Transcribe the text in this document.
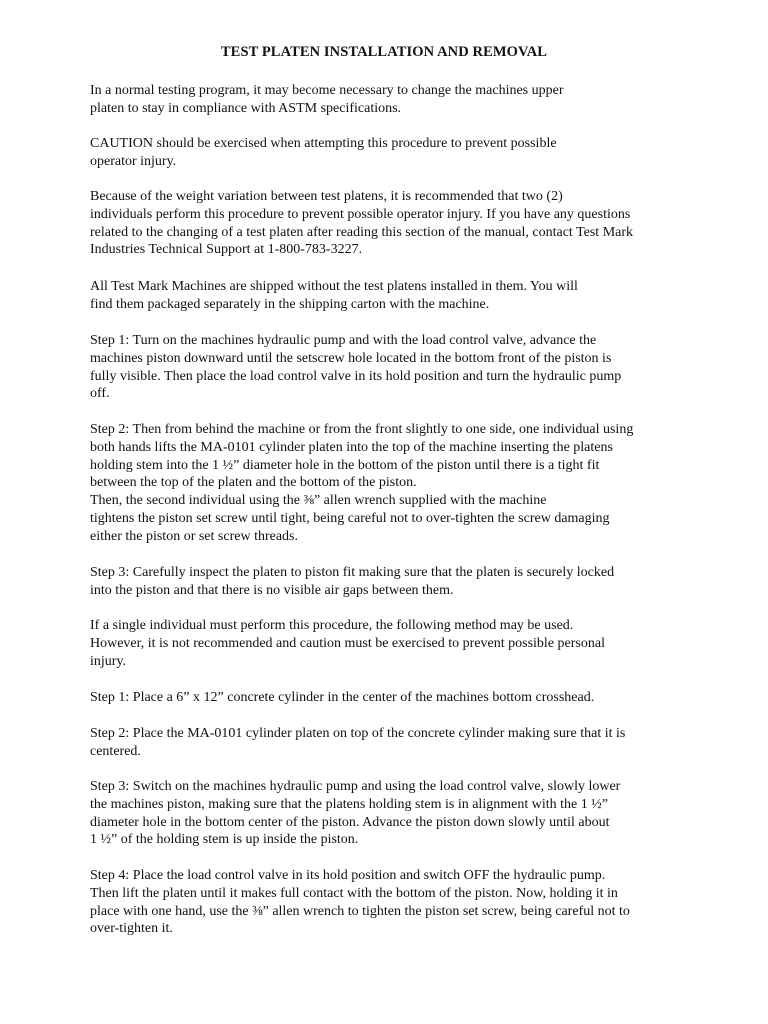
TEST PLATEN INSTALLATION AND REMOVAL

In a normal testing program, it may become necessary to change the machines upper
platen to stay in compliance with ASTM specifications.

CAUTION should be exercised when attempting this procedure to prevent possible
operator injury.

Because of the weight variation between test platens, it is recommended that two (2)
individuals perform this procedure to prevent possible operator injury. If you have any questions
related to the changing of a test platen after reading this section of the manual, contact Test Mark
Industries Technical Support at 1-800-783-3227.

All Test Mark Machines are shipped without the test platens installed in them. You will
find them packaged separately in the shipping carton with the machine.

Step 1: Turn on the machines hydraulic pump and with the load control valve, advance the
machines piston downward until the setscrew hole located in the bottom front of the piston is
fully visible. Then place the load control valve in its hold position and turn the hydraulic pump
off.

Step 2: Then from behind the machine or from the front slightly to one side, one individual using
both hands lifts the MA-0101 cylinder platen into the top of the machine inserting the platens
holding stem into the 1 ½” diameter hole in the bottom of the piston until there is a tight fit
between the top of the platen and the bottom of the piston.
Then, the second individual using the ⅜” allen wrench supplied with the machine
tightens the piston set screw until tight, being careful not to over-tighten the screw damaging
either the piston or set screw threads.

Step 3: Carefully inspect the platen to piston fit making sure that the platen is securely locked
into the piston and that there is no visible air gaps between them.

If a single individual must perform this procedure, the following method may be used.
However, it is not recommended and caution must be exercised to prevent possible personal
injury.

Step 1: Place a 6” x 12” concrete cylinder in the center of the machines bottom crosshead.

Step 2: Place the MA-0101 cylinder platen on top of the concrete cylinder making sure that it is
centered.

Step 3: Switch on the machines hydraulic pump and using the load control valve, slowly lower
the machines piston, making sure that the platens holding stem is in alignment with the 1 ½”
diameter hole in the bottom center of the piston. Advance the piston down slowly until about
1 ½” of the holding stem is up inside the piston.

Step 4: Place the load control valve in its hold position and switch OFF the hydraulic pump.
Then lift the platen until it makes full contact with the bottom of the piston. Now, holding it in
place with one hand, use the ⅜” allen wrench to tighten the piston set screw, being careful not to
over-tighten it.
